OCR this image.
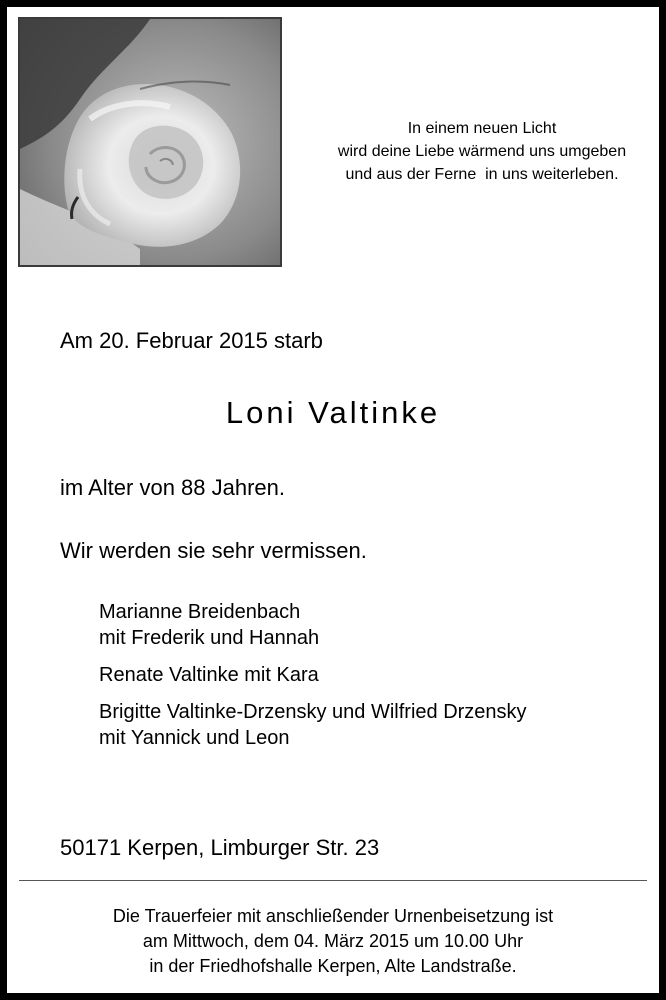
In einem neuen Licht
wird deine Liebe wärmend uns umgeben
und aus der Ferne  in uns weiterleben.
Am 20. Februar 2015 starb
Loni Valtinke
im Alter von 88 Jahren.
Wir werden sie sehr vermissen.
Marianne Breidenbach
mit Frederik und Hannah
Renate Valtinke mit Kara
Brigitte Valtinke-Drzensky und Wilfried Drzensky
mit Yannick und Leon
50171 Kerpen, Limburger Str. 23
Die Trauerfeier mit anschließender Urnenbeisetzung ist
am Mittwoch, dem 04. März 2015 um 10.00 Uhr
in der Friedhofshalle Kerpen, Alte Landstraße.
